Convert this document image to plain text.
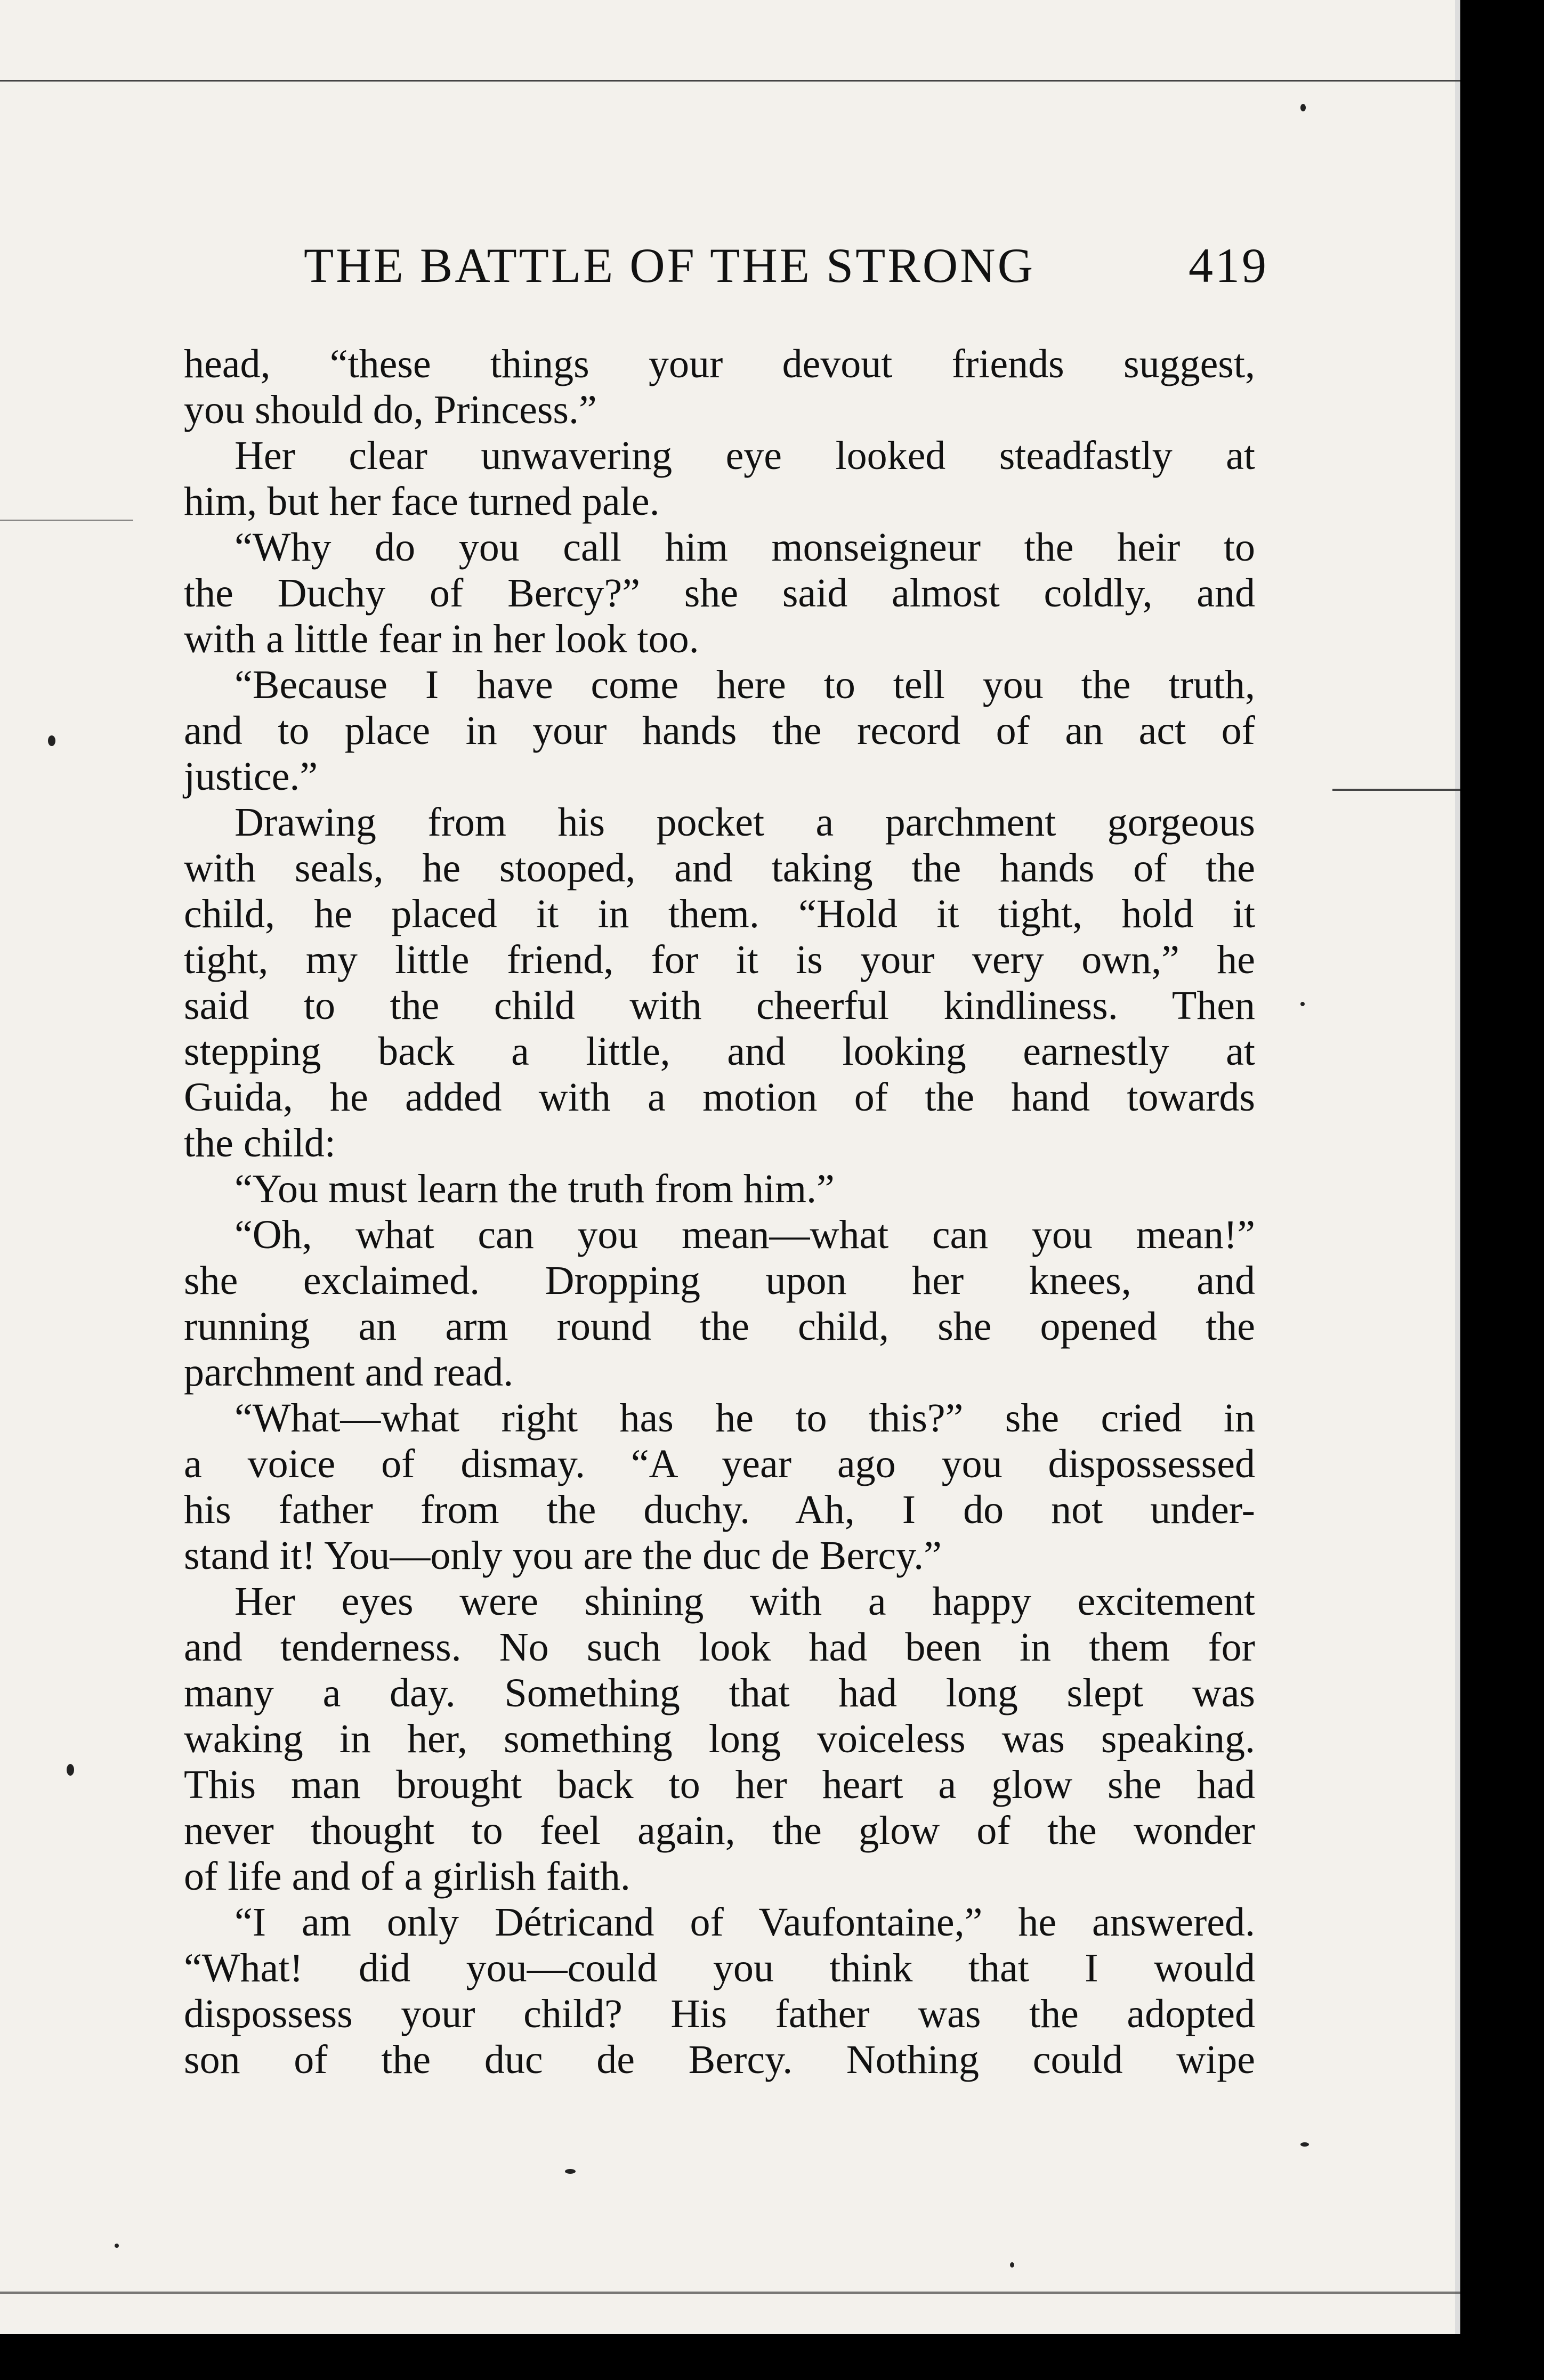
THE BATTLE OF THE STRONG	419
head, “these things your devout friends suggest,
you should do, Princess.”
Her clear unwavering eye looked steadfastly at
him, but her face turned pale.
“Why do you call him monseigneur the heir to
the Duchy of Bercy?” she said almost coldly, and
with a little fear in her look too.
“Because I have come here to tell you the truth,
and to place in your hands the record of an act of
justice.”
Drawing from his pocket a parchment gorgeous
with seals, he stooped, and taking the hands of the
child, he placed it in them. “Hold it tight, hold it
tight, my little friend, for it is your very own,” he
said to the child with cheerful kindliness. Then
stepping back a little, and looking earnestly at
Guida, he added with a motion of the hand towards
the child:
“You must learn the truth from him.”
“Oh, what can you mean—what can you mean!”
she exclaimed. Dropping upon her knees, and
running an arm round the child, she opened the
parchment and read.
“What—what right has he to this?” she cried in
a voice of dismay. “A year ago you dispossessed
his father from the duchy. Ah, I do not under-
stand it! You—only you are the duc de Bercy.”
Her eyes were shining with a happy excitement
and tenderness. No such look had been in them for
many a day. Something that had long slept was
waking in her, something long voiceless was speaking.
This man brought back to her heart a glow she had
never thought to feel again, the glow of the wonder
of life and of a girlish faith.
“I am only Détricand of Vaufontaine,” he answered.
“What! did you—could you think that I would
dispossess your child? His father was the adopted
son of the duc de Bercy. Nothing could wipe
